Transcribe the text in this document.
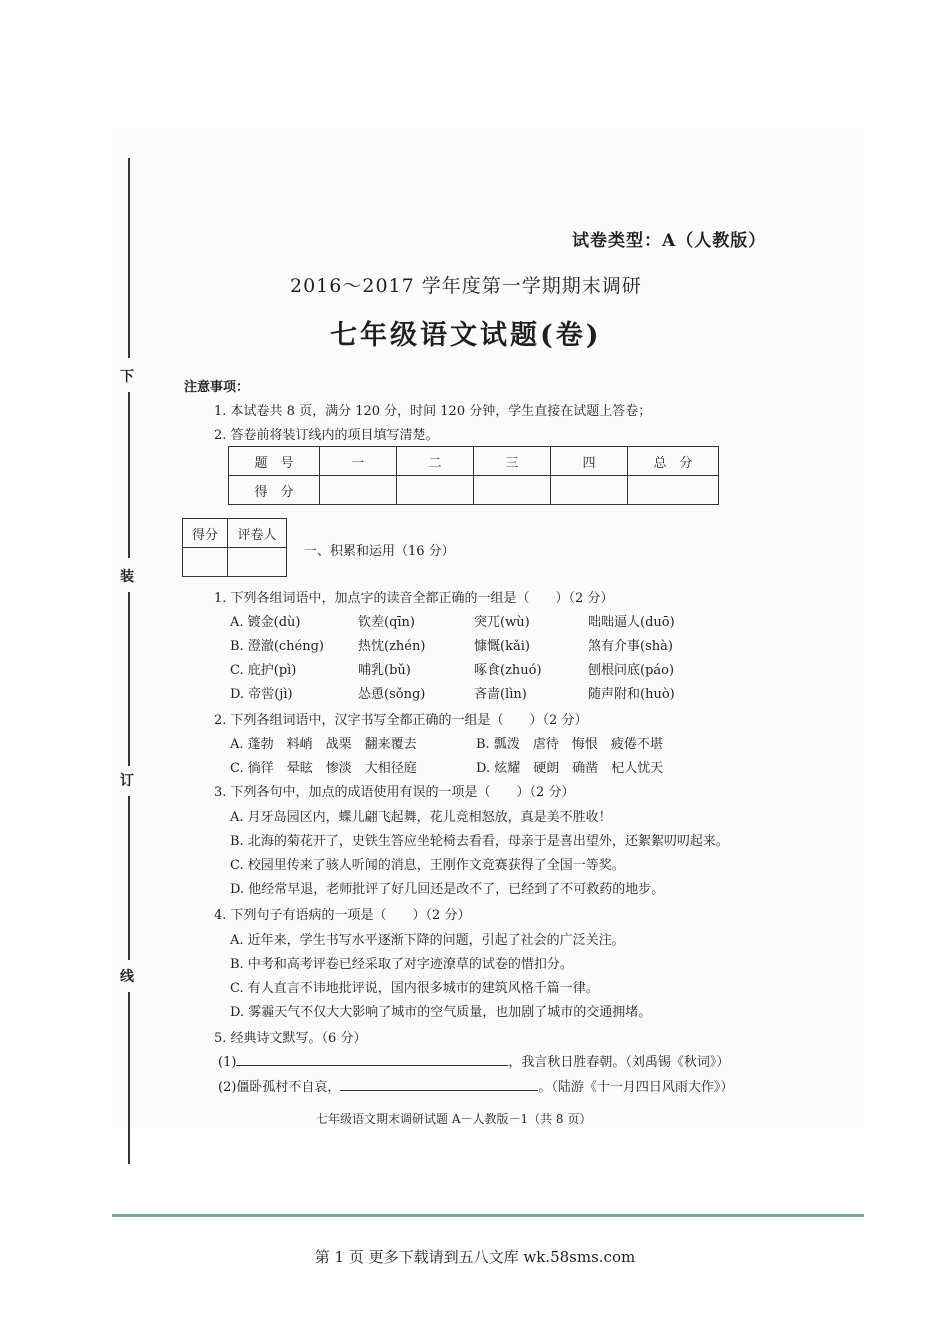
下
装
订
线
试卷类型：A（人教版）
2016～2017 学年度第一学期期末调研
七年级语文试题(卷)
注意事项：
1. 本试卷共 8 页，满分 120 分，时间 120 分钟，学生直接在试题上答卷；
2. 答卷前将装订线内的项目填写清楚。
题　号	一	二	三	四	总　分
得　分					
得分	评卷人

一、积累和运用（16 分）
1. 下列各组词语中，加点字的读音全都正确的一组是（　　）（2 分）
A. 镀金(dù)	钦差(qīn)	突兀(wù)	咄咄逼人(duō)
B. 澄澈(chéng)	热忱(zhén)	慷慨(kǎi)	煞有介事(shà)
C. 庇护(pì)	哺乳(bǔ)	啄食(zhuó)	刨根问底(páo)
D. 帝喾(jì)	怂恿(sǒng)	吝啬(lìn)	随声附和(huò)
2. 下列各组词语中，汉字书写全都正确的一组是（　　）（2 分）
A. 蓬勃　料峭　战栗　翻来覆去	B. 瓢泼　虐待　悔恨　疲倦不堪
C. 徜徉　晕眩　惨淡　大相径庭	D. 炫耀　硬朗　确凿　杞人忧天
3. 下列各句中，加点的成语使用有误的一项是（　　）（2 分）
A. 月牙岛园区内，蝶儿翩飞起舞，花儿竞相怒放，真是美不胜收！
B. 北海的菊花开了，史铁生答应坐轮椅去看看，母亲于是喜出望外，还絮絮叨叨起来。
C. 校园里传来了骇人听闻的消息，王刚作文竞赛获得了全国一等奖。
D. 他经常早退，老师批评了好几回还是改不了，已经到了不可救药的地步。
4. 下列句子有语病的一项是（　　）（2 分）
A. 近年来，学生书写水平逐渐下降的问题，引起了社会的广泛关注。
B. 中考和高考评卷已经采取了对字迹潦草的试卷的惜扣分。
C. 有人直言不讳地批评说，国内很多城市的建筑风格千篇一律。
D. 雾霾天气不仅大大影响了城市的空气质量，也加剧了城市的交通拥堵。
5. 经典诗文默写。（6 分）
(1)	，我言秋日胜春朝。（刘禹锡《秋词》）
(2)僵卧孤村不自哀，	。（陆游《十一月四日风雨大作》）
七年级语文期末调研试题 A－人教版－1（共 8 页）
第 1 页 更多下载请到五八文库 wk.58sms.com
